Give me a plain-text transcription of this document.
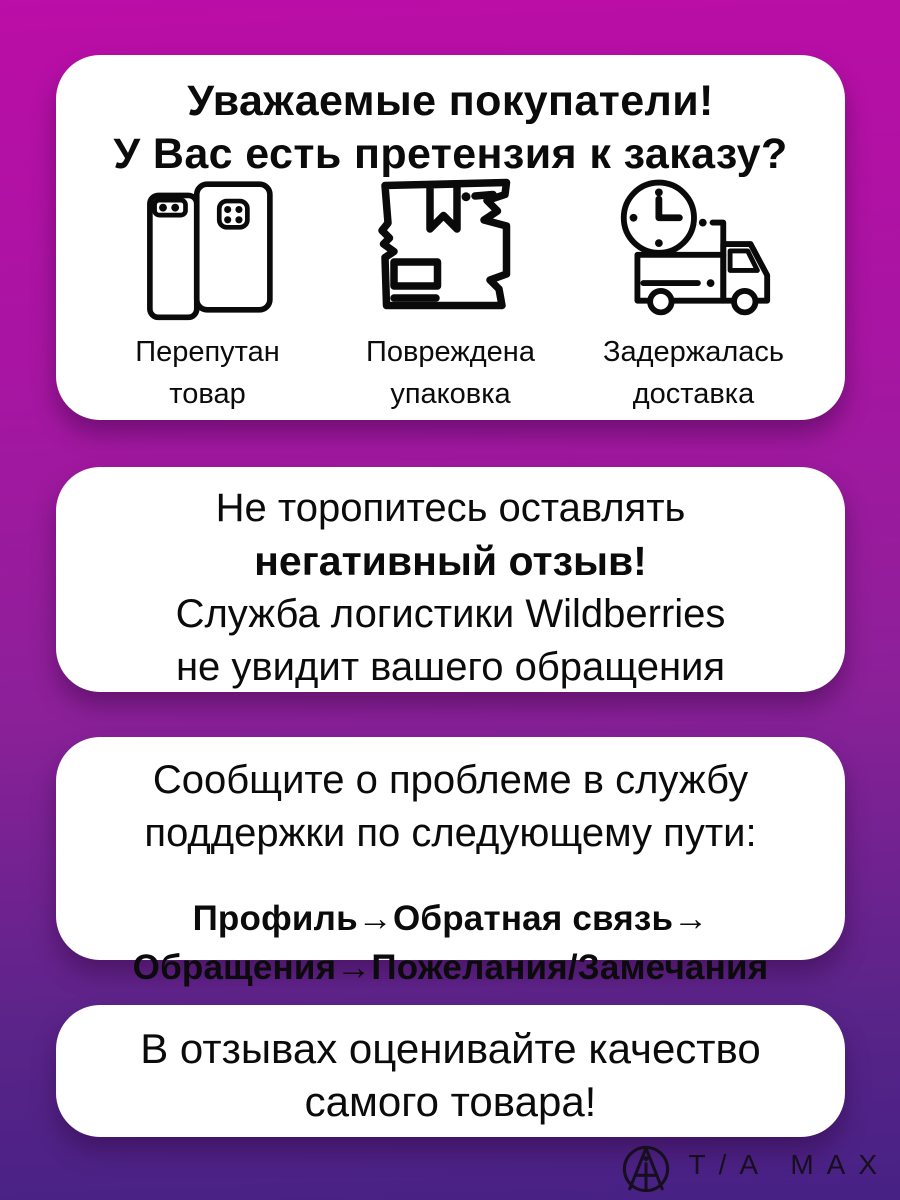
Уважаемые покупатели!
У Вас есть претензия к заказу?
Перепутан
товар
Повреждена
упаковка
Задержалась
доставка
Не торопитесь оставлять
негативный отзыв!
Служба логистики Wildberries
не увидит вашего обращения
Сообщите о проблеме в службу
поддержки по следующему пути:
Профиль→Обратная связь→
Обращения→Пожелания/Замечания
В отзывах оценивайте качество
самого товара!
T/A MAX
